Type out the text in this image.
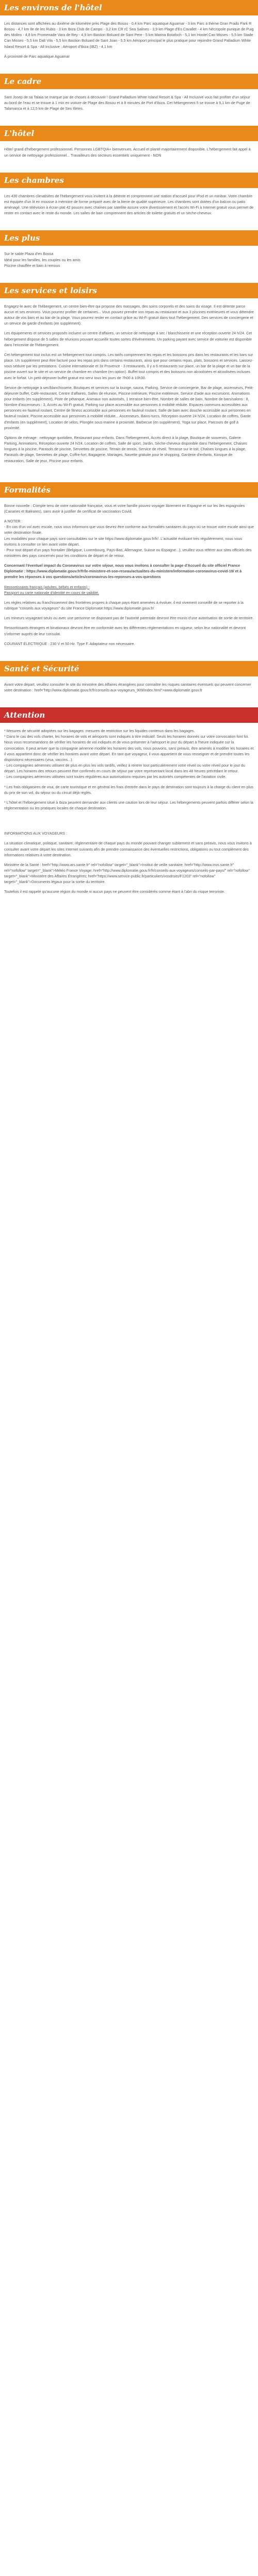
Les environs de l'hôtel

Les distances sont affichées au dixième de kilomètre près Plage des Bosou - 0,4 km Parc aquatique Aguamar - 3 km Parc à thème Gran Prado Park R Bosou - 4,7 km Ile de les Rubis - 3 km Ibiza Club de Campo - 3,2 km CR rC Sea Salines - 3,9 km Plage d'Es Cavallet - 4 km Nécropole punique de Puig des Molins - 4,8 km Promenade Vara de Rey - 4,9 km Bastion Boluard de Sant Pere - 5 km Marina Botafoch - 5,1 km Hostel Can Misses - 5,5 km Stade Can Misses - 5,5 km Dalt Vila - 5,5 km Bastion Boluard de Sant Joan - 5,5 km Aéroport principal le plus pratique pour rejoindre Grand Palladium White Island Resort & Spa - All Inclusive : Aéroport d'Ibiza (IBZ) - 4,1 km

À proximité de Parc aquatique Aguamar

Le cadre

Sant Josep de sa Talaia se marque par de choses à découvrir ! Grand Palladium White Island Resort & Spa - All Inclusive vous fait profiter d'un séjour au bord de l'eau et se trouve à 1 min en voiture de Plage des Bosou et à 8 minutes de Port d'Ibiza. Cet hébergement 5 se trouve à 9,1 km de Puge de Talamanca et à 12,5 km de Plage de Ses Illetes.

L'hôtel

Hôte/ grand d'hébergement professionnel. Personnes LGBTQIA+ bienvenues. Accueil et planté majoritairement disponible. L'hébergement fait appel à un service de nettoyage professionnel... Travailleurs des secteurs essentiels uniquement - NON

Les chambres

Les 430 chambres climatisées de l'hébergement vous invitent à la détente et comprennent une station d'accueil pour iPod et un minibar. Votre chambre est équipée d'un lit en mousse à mémoire de forme préparé avec de la literie de qualité supérieure. Les chambres sont dotées d'un balcon ou patio aménagé. Une télévision à écran plat 42 pouces avec chaînes par satellite assure votre divertissement et l'accès Wi-Fi à Internet gratuit vous permet de rester en contact avec le reste du monde. Les salles de bain comprennent des articles de toilette gratuits et un sèche-cheveux.

Les plus

Sur le sable Plaza d'en Bossa
Idéal pour les familles, les couples ou les amis
Piscine chauffée et bain à remous

Les services et loisirs

Engagez-le avec de l'hébergement, un centre bien-être qui propose des massages, des soins corporels et des soins du visage. Il est détente parce aucun et ses environs. Vous pourrez profiter de certaines... Vous pouvez prendre vos repas au restaurant et aux 3 piscines extérieures et vous détendre autour de vos bars et au bar de la plage. Vous pourrez rester en contact grâce au Wi-Fi gratuit dans tout l'hébergement. Des services de conciergerie et un service de garde d'enfants (en supplément).

Les équipements et services proposés incluent un centre d'affaires, un service de nettoyage à sec / blanchisserie et une réception ouverte 24 h/24. Cet hébergement dispose de 5 salles de réunions pouvant accueillir toutes sortes d'événements. Un parking payant avec service de voiturier est disponible dans l'enceinte de l'hébergement.

Cet hébergement tout inclus est un hébergement tout compris. Les tarifs comprennent les repas et les boissons pris dans les restaurants et les bars sur place. Un supplément peut être facturé pour les repas pris dans certains restaurants, ainsi que pour certains repas, plats, boissons et services. Laissez-vous séduire par les prestations. Cuisine internationale et 3x Provence - 3 restaurants, Il y a 6 restaurants sur place, un bar de la plage et un bar de la piscine ouvert sur le site et un service de chambre en chambre (en option). Buffet tout compris et des boissons non alcoolisées et alcoolisées incluses avec le forfait. Un petit-déjeuner buffet gratuit est servi tous les jours de 7h00 à 10h30.

Service de nettoyage à sec/blanchisserie, Boutiques et services sur la lounge, sauna, Parking, Service de conciergerie, Bar de plage, ascenseurs, Petit-déjeuner buffet, Café-restaurant, Centre d'affaires, Salles de réunion, Piscine intérieure, Piscine extérieure, Service d'aide aux excursions. Animations pour enfants (en supplément), Piste de pétanque, Animaux non autorisés, 1 terrasse bien-être, Nombre de salles de bain, Nombre de bars/salons : 8, Nombre d'ascenseurs : 3, Accès au Wi-Fi gratuit, Parking sur place accessible aux personnes à mobilité réduite. Espaces communs accessibles aux personnes en fauteuil roulant, Centre de fitness accessible aux personnes en fauteuil roulant, Salle de bain avec douche accessible aux personnes en fauteuil roulant, Piscine accessible aux personnes à mobilité réduite... Ascenseurs, Bains-turcs, Réception ouverte 24 h/24, Location de coffres, Garde d'enfants (en supplément), Location de vélos, Plongée sous-marine à proximité, Barbecue (en supplément), Yoga sur place, Parcours de golf à proximité.

Options de ménage : nettoyage quotidien, Restaurant pour enfants. Dans l'hébergement, Accès direct à la plage, Boutique de souvenirs, Galerie Parking, Animations, Réception ouverte 24 h/24, Location de coffres, Salle de sport, Jardin, Sèche-cheveux disponible dans l'hébergement, Chaises longues à la piscine, Parasols de piscine, Serviettes de piscine, Terrain de tennis, Service de réveil, Terrasse sur le toit, Chaises longues à la plage, Parasols de plage, Serviettes de plage, Coffre-fort, Bagagerie, Mariages, Navette gratuite pour le shopping, Garderie d'enfants, Kiosque de restauration, Salle de jeux, Piscine pour enfants.

Formalités

Bonne nouvelle : Compte tenu de votre nationalité française, vous et votre famille pouvez voyager librement en Espagne et sur les îles espagnoles (Canaries et Baléares), sans avoir à justifier de certificat de vaccination Covid.

A NOTER :
- En cas d'un vol avec escale, nous vous informons que vous devrez être conforme aux formalités sanitaires du pays où se trouve votre escale ainsi que votre destination finale.
Les modalités pour chaque pays sont consultables sur le site https://www.diplomatie.gouv.fr/fr/. L'actualité évoluant très régulièrement, nous vous invitons à consulter ce lien avant votre départ.
- Pour tout départ d'un pays frontalier (Belgique, Luxembourg, Pays-Bas, Allemagne, Suisse ou Espagne...), veuillez vous référer aux sites officiels des ministères des pays concernés pour les conditions de départ et de retour.

Concernant l'éventuel impact du Coronavirus sur votre séjour, nous vous invitons à consulter la page d'Accueil du site officiel France Diplomatie : https://www.diplomatie.gouv.fr/fr/le-ministere-et-son-reseau/actualites-du-ministere/information-coronavirus-covid-19/ et à prendre les réponses à vos questions/articles/coronavirus-les-reponses-a-vos-questions

Ressortissants français (adultes, bébés et enfants) :
Passport ou carte nationale d'identité en cours de validité.

Les règles relatives au franchissement des frontières propres à chaque pays étant amenées à évoluer, il est vivement conseillé de se reporter à la rubrique "conseils aux voyageurs" du site France Diplomatie:https://www.diplomatie.gouv.fr/

Les mineurs voyageant seuls ou avec une personne ne disposant pas de l'autorité parentale devront être munis d'une autorisation de sortie de territoire.

Ressortissants étrangers et binationaux devront être en conformité avec les différentes réglementations en vigueur, selon leur nationalité et devront s'informer auprès de leur consulat.

COURANT ÉLECTRIQUE : 230 V et 50 Hz. Type F. Adaptateur non nécessaire.

Santé et Sécurité

Avant votre départ, veuillez consulter le site du ministère des Affaires étrangères pour connaître les risques sanitaires éventuels qui peuvent concerner votre destination : href="http://www.diplomatie.gouv.fr/fr/conseils-aux-voyageurs_909/index.html">www.diplomatie.gouv.fr

Attention

* Mesures de sécurité adoptées sur les bagages: mesures de restriction sur les liquides contenus dans les bagages.
* Dans le cas des vols charter, les horaires de vols et aéroports sont indiqués à titre indicatif. Seuls les horaires donnés sur votre convocation font foi. Nous vous recommandons de vérifier les horaires de vol indiqués et de vous présenter à l'aéroport le jour du départ à l'heure indiquée sur la convocation. Il peut arriver que la compagnie aérienne modifie les horaires des vols, nous pouvons, sans préavis, être amenés à modifier les horaires et il vous appartient donc de vérifier les horaires avant votre départ. En tant que voyageur, il vous appartient de vous renseigner et de prendre toutes les dispositions nécessaires (visa, vaccins...).
- Les compagnies aériennes utilisent de plus en plus les vols tardifs, veillez à rentrer tout particulièrement votre réveil ou votre réveil pour le jour du départ. Les horaires des retours peuvent être confirmés en cours de séjour par votre représentant local dans les 48 heures précédant le retour.
- Les compagnies aériennes utilisées sont toutes régulières aux autorisations requises par les autorités compétentes de l'aviation civile.

* Les frais obligatoires de visa, de carte touristique et en général les frais d'entrée dans le pays de destination sont toujours à la charge du client en plus du prix de son vol, du séjour ou du circuit déjà réglés.

* L'hôtel et l'hébergement situé à Ibiza peuvent demander aux clients une caution lors de leur séjour. Les hébergements peuvent parfois différer selon la réglementation ou les pratiques locales de chaque destination.

INFORMATIONS AUX VOYAGEURS :

La situation climatique, politique, sanitaire, réglementaire de chaque pays du monde pouvant changer subitement et sans préavis, nous vous invitons à consulter avant votre départ les sites Internet suivants afin de prendre connaissance des éventuelles restrictions, obligations ou tout complément des informations relatives à votre destination.

Ministère de la Santé : href="http://www.ars.sante.fr" rel="nofollow" target="_blank">Institut de veille sanitaire; href="http://www.invs.sante.fr" rel="nofollow" target="_blank">Météo France Voyage; href="http://www.diplomatie.gouv.fr/fr/conseils-aux-voyageurs/conseils-par-pays/" rel="nofollow" target="_blank">Ministère des Affaires Étrangères; href="https://www.service-public.fr/particuliers/vosdroits/F1203" rel="nofollow" target="_blank">Documents légaux pour la sortie du territoire.

Toutefois il est rappelé qu'aucune région du monde ni aucun pays ne peuvent être considérés comme étant à l'abri du risque terroriste.
